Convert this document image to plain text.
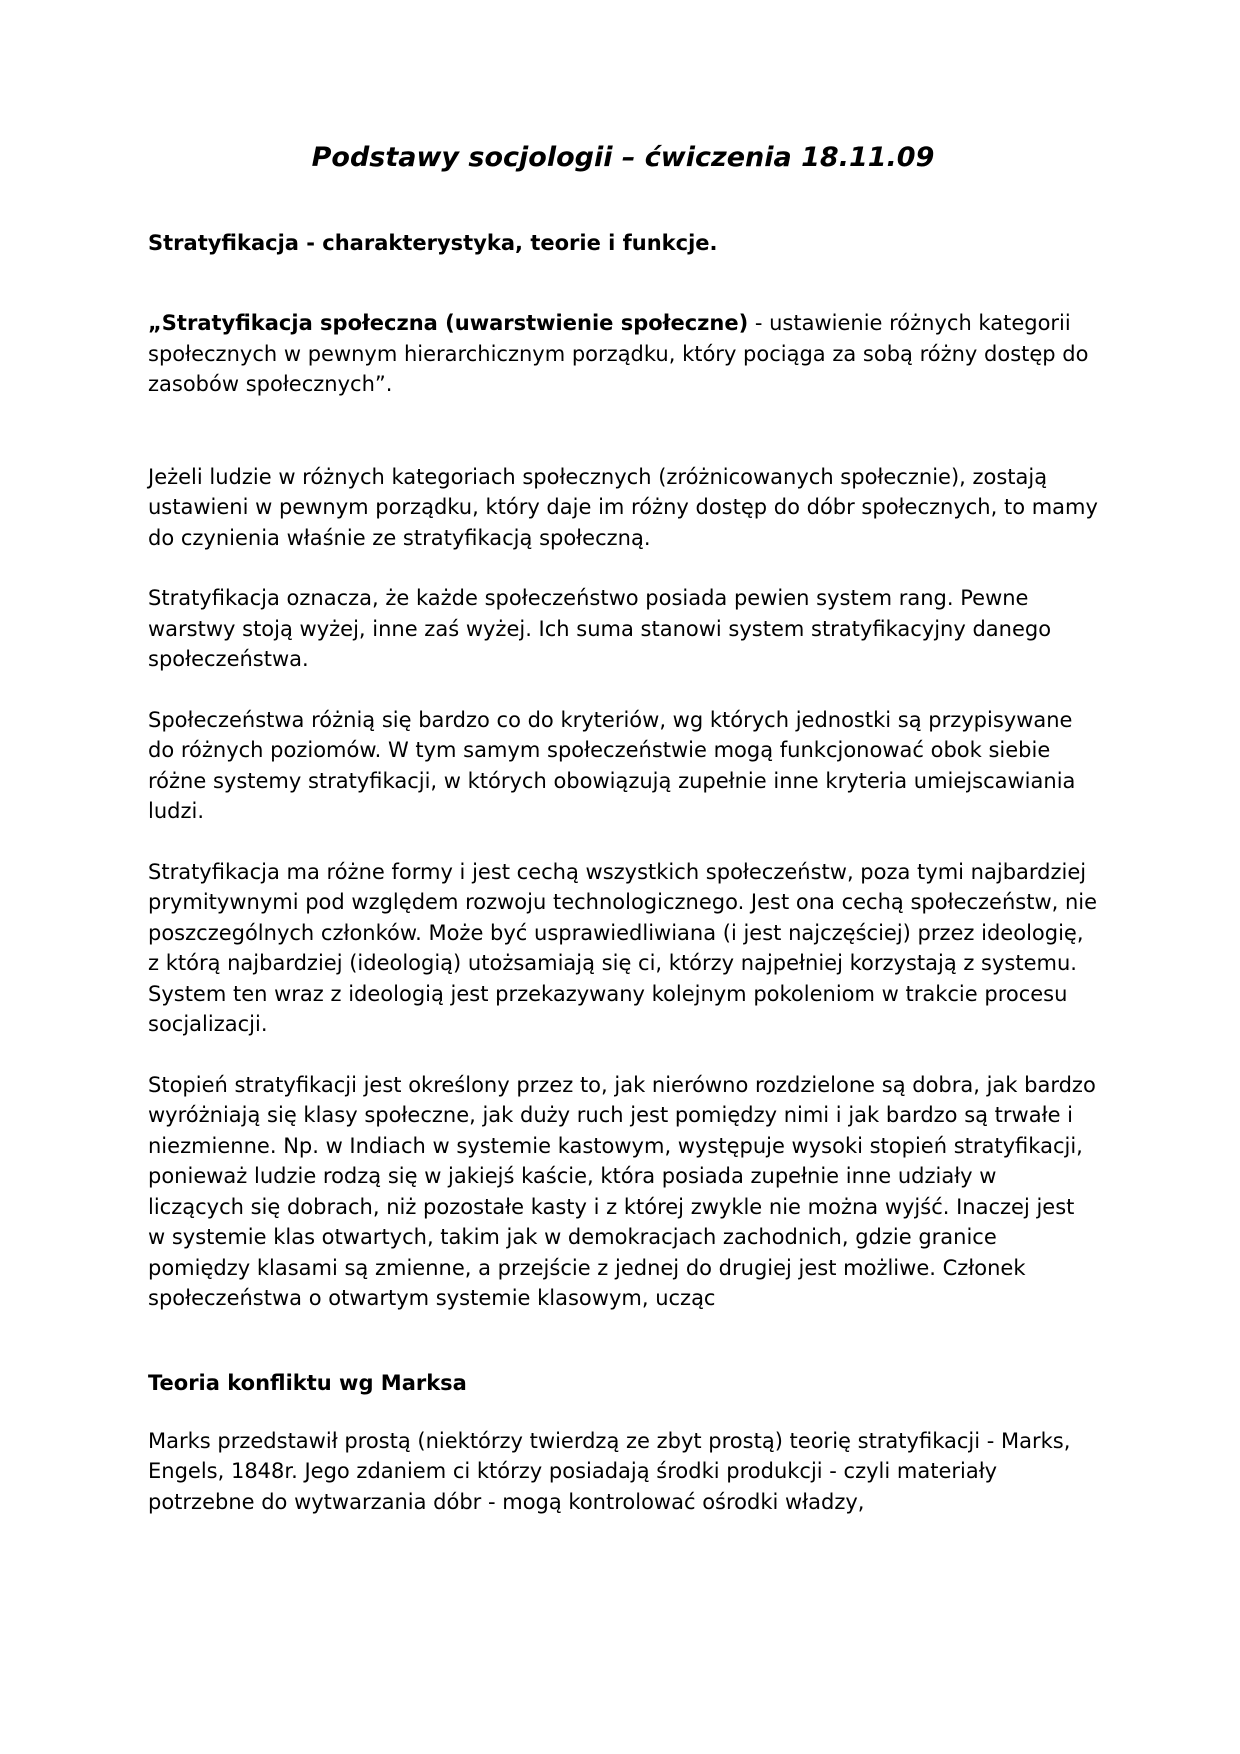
Podstawy socjologii – ćwiczenia 18.11.09
Stratyfikacja - charakterystyka, teorie i funkcje.

„Stratyfikacja społeczna (uwarstwienie społeczne) - ustawienie różnych kategorii społecznych w pewnym hierarchicznym porządku, który pociąga za sobą różny dostęp do zasobów społecznych”.

Jeżeli ludzie w różnych kategoriach społecznych (zróżnicowanych społecznie), zostają ustawieni w pewnym porządku, który daje im różny dostęp do dóbr społecznych, to mamy do czynienia właśnie ze stratyfikacją społeczną.

Stratyfikacja oznacza, że każde społeczeństwo posiada pewien system rang. Pewne warstwy stoją wyżej, inne zaś wyżej. Ich suma stanowi system stratyfikacyjny danego społeczeństwa.

Społeczeństwa różnią się bardzo co do kryteriów, wg których jednostki są przypisywane do różnych poziomów. W tym samym społeczeństwie mogą funkcjonować obok siebie różne systemy stratyfikacji, w których obowiązują zupełnie inne kryteria umiejscawiania ludzi.

Stratyfikacja ma różne formy i jest cechą wszystkich społeczeństw, poza tymi najbardziej prymitywnymi pod względem rozwoju technologicznego. Jest ona cechą społeczeństw, nie poszczególnych członków. Może być usprawiedliwiana (i jest najczęściej) przez ideologię, z którą najbardziej (ideologią) utożsamiają się ci, którzy najpełniej korzystają z systemu. System ten wraz z ideologią jest przekazywany kolejnym pokoleniom w trakcie procesu socjalizacji.

Stopień stratyfikacji jest określony przez to, jak nierówno rozdzielone są dobra, jak bardzo wyróżniają się klasy społeczne, jak duży ruch jest pomiędzy nimi i jak bardzo są trwałe i niezmienne. Np. w Indiach w systemie kastowym, występuje wysoki stopień stratyfikacji, ponieważ ludzie rodzą się w jakiejś kaście, która posiada zupełnie inne udziały w liczących się dobrach, niż pozostałe kasty i z której zwykle nie można wyjść. Inaczej jest w systemie klas otwartych, takim jak w demokracjach zachodnich, gdzie granice pomiędzy klasami są zmienne, a przejście z jednej do drugiej jest możliwe. Członek społeczeństwa o otwartym systemie klasowym, ucząc

Teoria konfliktu wg Marksa

Marks przedstawił prostą (niektórzy twierdzą ze zbyt prostą) teorię stratyfikacji - Marks, Engels, 1848r. Jego zdaniem ci którzy posiadają środki produkcji - czyli materiały potrzebne do wytwarzania dóbr - mogą kontrolować ośrodki władzy,
